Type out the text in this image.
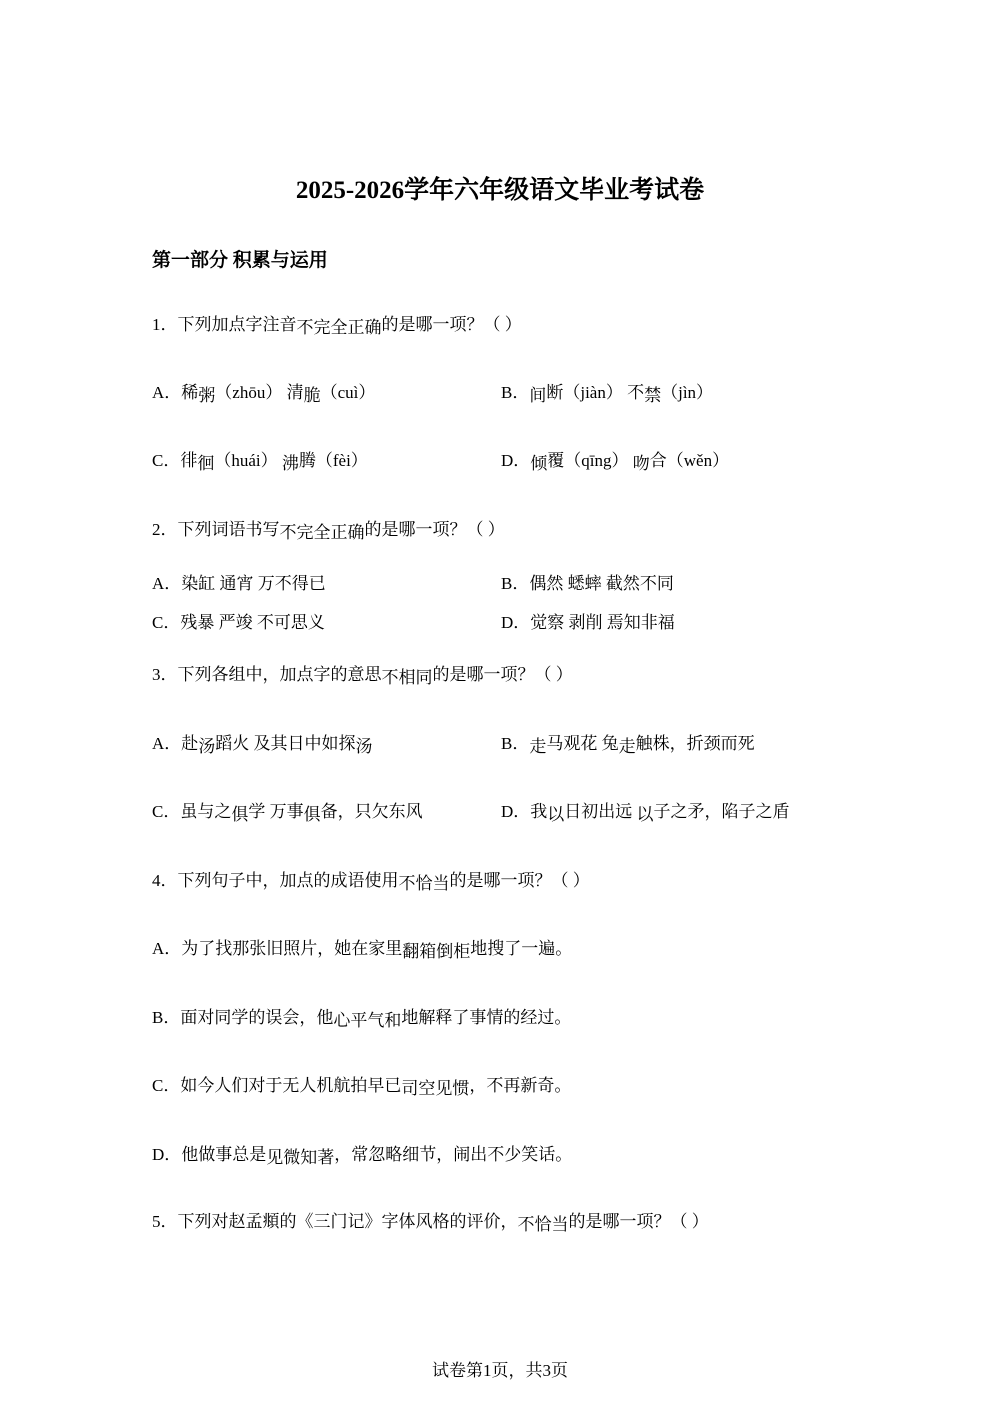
2025-2026学年六年级语文毕业考试卷
第一部分 积累与运用
1．下列加点字注音不完全正确的是哪一项？（ ）
A．稀粥（zhōu） 清脆（cuì）	B．间断（jiàn） 不禁（jìn）
C．徘徊（huái） 沸腾（fèi）	D．倾覆（qīng） 吻合（wěn）
2．下列词语书写不完全正确的是哪一项？（ ）
A．染缸 通宵 万不得已	B．偶然 蟋蟀 截然不同
C．残暴 严竣 不可思义	D．觉察 剥削 焉知非福
3．下列各组中，加点字的意思不相同的是哪一项？（ ）
A．赴汤蹈火 及其日中如探汤	B．走马观花 兔走触株，折颈而死
C．虽与之俱学 万事俱备，只欠东风	D．我以日初出远 以子之矛，陷子之盾
4．下列句子中，加点的成语使用不恰当的是哪一项？（ ）
A．为了找那张旧照片，她在家里翻箱倒柜地搜了一遍。
B．面对同学的误会，他心平气和地解释了事情的经过。
C．如今人们对于无人机航拍早已司空见惯，不再新奇。
D．他做事总是见微知著，常忽略细节，闹出不少笑话。
5．下列对赵孟頫的《三门记》字体风格的评价，不恰当的是哪一项？（ ）
试卷第1页，共3页
